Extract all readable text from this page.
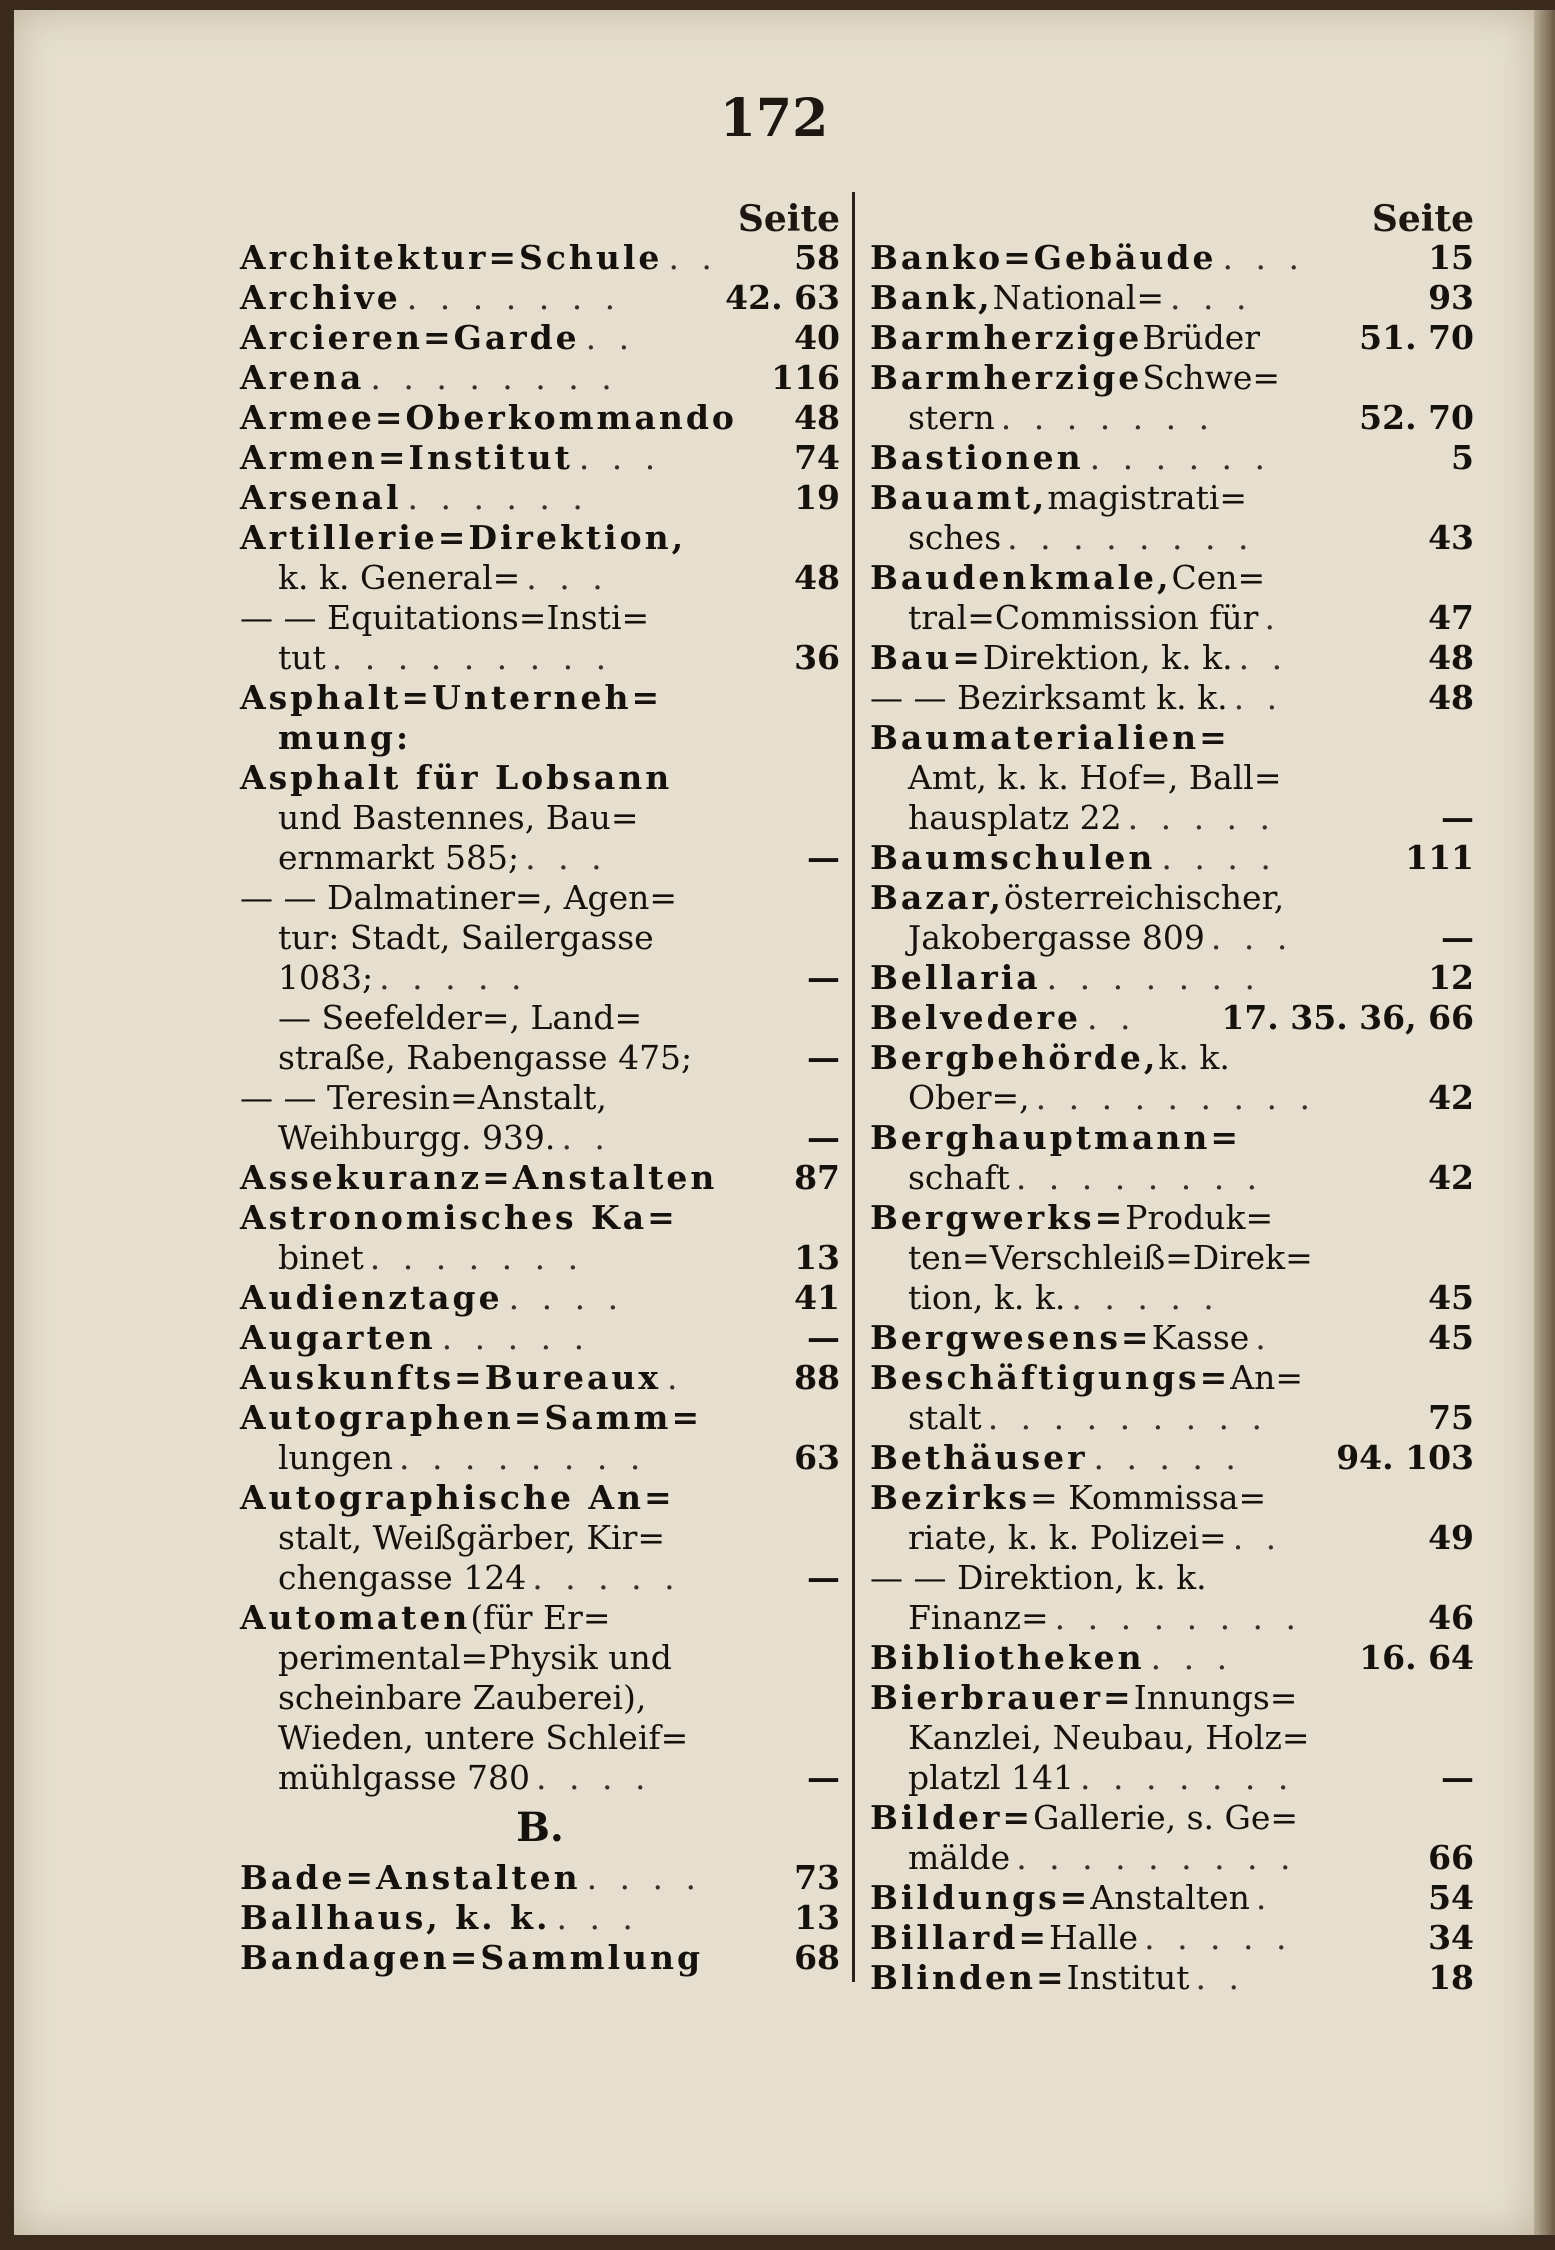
172
Seite
Architektur=Schule . .	58
Archive . . . . . . .	42. 63
Arcieren=Garde . .	40
Arena . . . . . . . .	116
Armee=Oberkommando 48
Armen=Institut . . .	74
Arsenal . . . . . .	19
Artillerie=Direktion,
k. k. General= . . .	48
— — Equitations=Insti=
tut . . . . . . . . .	36
Asphalt=Unterneh=
mung:
Asphalt für Lobsann
und Bastennes, Bau=
ernmarkt 585; . . .	—
— — Dalmatiner=, Agen=
tur: Stadt, Sailergasse
1083; . . . . .	—
— Seefelder=, Land=
straße, Rabengasse 475;	—
— — Teresin=Anstalt,
Weihburgg. 939. . .	—
Assekuranz=Anstalten 87
Astronomisches Ka=
binet . . . . . . .	13
Audienztage . . . .	41
Augarten . . . . .	—
Auskunfts=Bureaux .	88
Autographen=Samm=
lungen . . . . . . . .	63
Autographische An=
stalt, Weißgärber, Kir=
chengasse 124 . . . . .	—
Automaten (für Er=
perimental=Physik und
scheinbare Zauberei),
Wieden, untere Schleif=
mühlgasse 780 . . . .	—
B.
Bade=Anstalten . . . .	73
Ballhaus, k. k. . . .	13
Bandagen=Sammlung	68
Seite
Banko=Gebäude . . .	15
Bank, National= . . .	93
Barmherzige Brüder	51. 70
Barmherzige Schwe=
stern . . . . . . .	52. 70
Bastionen . . . . . .	5
Bauamt, magistrati=
sches . . . . . . . .	43
Baudenkmale, Cen=
tral=Commission für .	47
Bau= Direktion, k. k. . .	48
— — Bezirksamt k. k. . .	48
Baumaterialien=
Amt, k. k. Hof=, Ball=
hausplatz 22 . . . . .	—
Baumschulen . . . .	111
Bazar, österreichischer,
Jakobergasse 809 . . .	—
Bellaria . . . . . . .	12
Belvedere . .	17. 35. 36, 66
Bergbehörde, k. k.
Ober=, . . . . . . . . .	42
Berghauptmann=
schaft . . . . . . . .	42
Bergwerks= Produk=
ten=Verschleiß=Direk=
tion, k. k. . . . . .	45
Bergwesens= Kasse .	45
Beschäftigungs= An=
stalt . . . . . . . . .	75
Bethäuser . . . . .	94. 103
Bezirks = Kommissa=
riate, k. k. Polizei= . .	49
— — Direktion, k. k.
Finanz= . . . . . . . .	46
Bibliotheken . . .	16. 64
Bierbrauer= Innungs=
Kanzlei, Neubau, Holz=
platzl 141 . . . . . . .	—
Bilder= Gallerie, s. Ge=
mälde . . . . . . . . .	66
Bildungs= Anstalten .	54
Billard= Halle . . . . .	34
Blinden= Institut . .	18
